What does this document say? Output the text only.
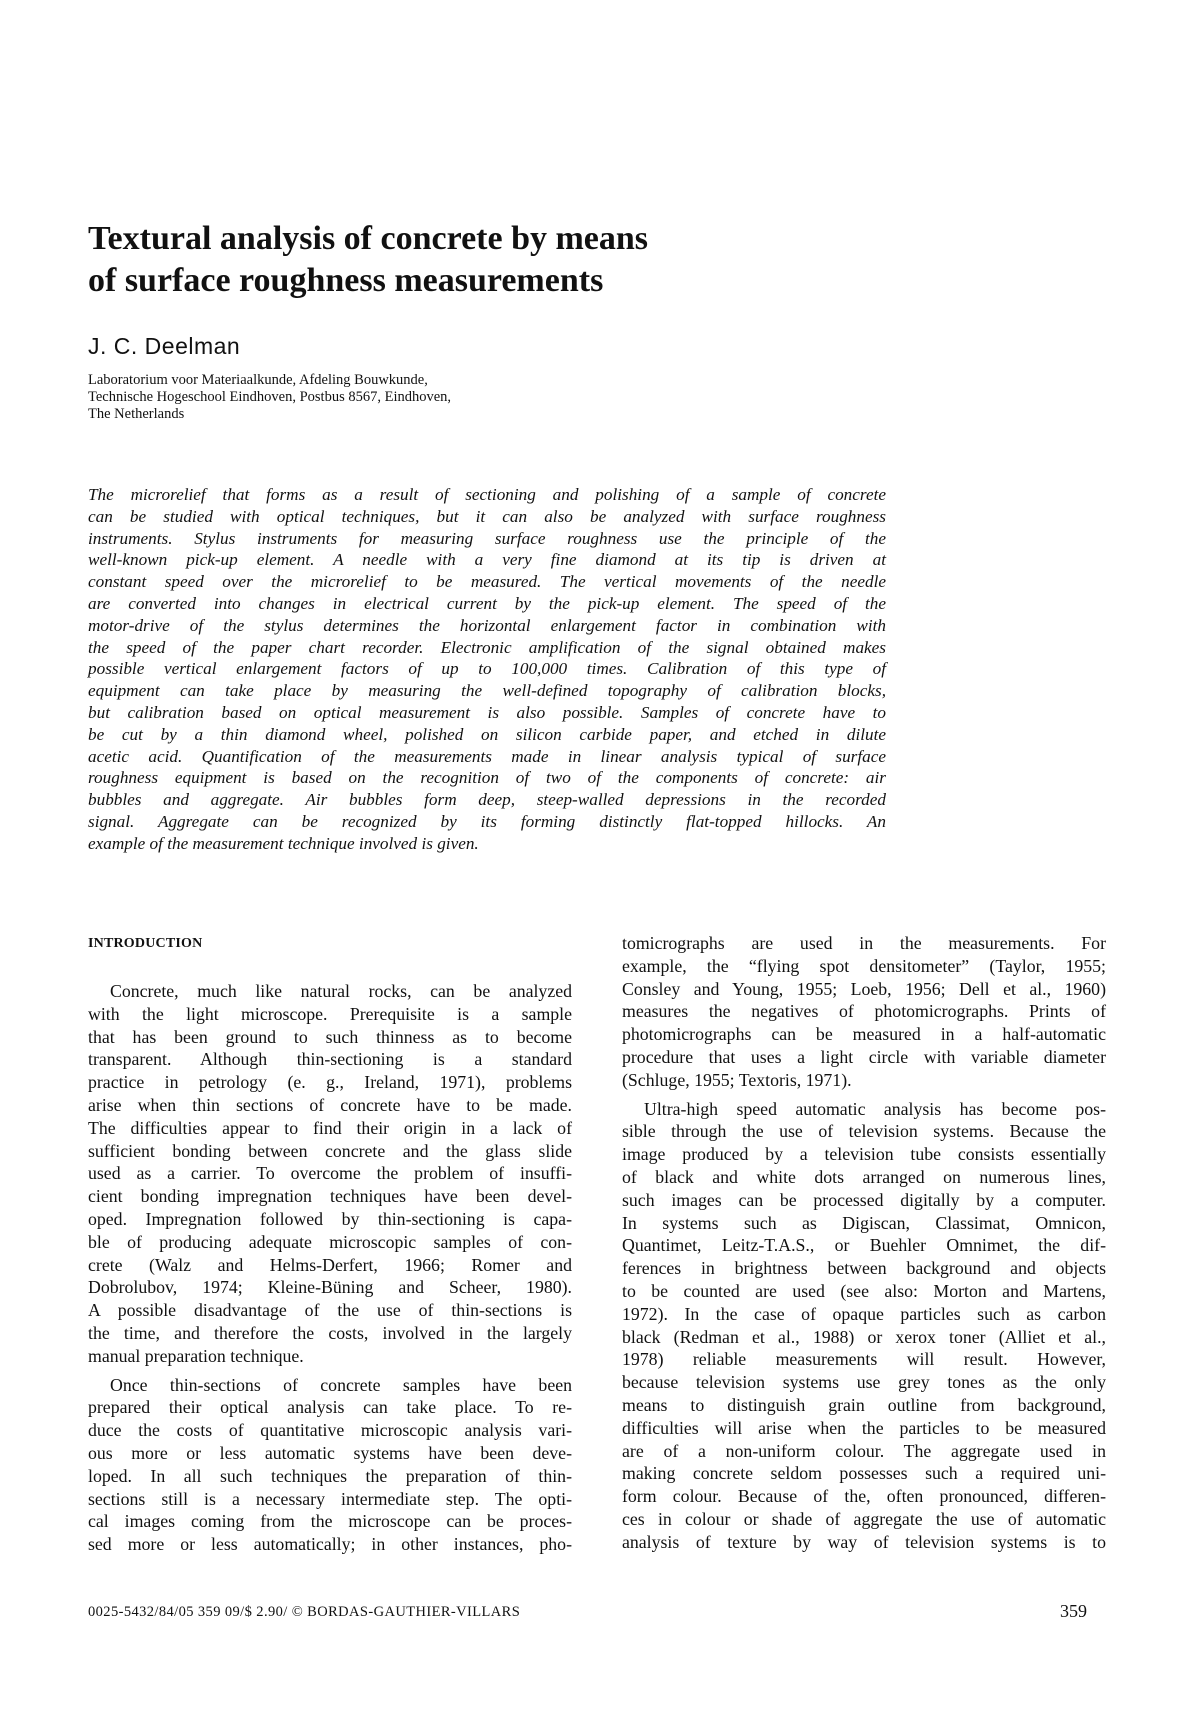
Textural analysis of concrete by means
of surface roughness measurements
J. C. Deelman
Laboratorium voor Materiaalkunde, Afdeling Bouwkunde,
Technische Hogeschool Eindhoven, Postbus 8567, Eindhoven,
The Netherlands
The microrelief that forms as a result of sectioning and polishing of a sample of concrete
can be studied with optical techniques, but it can also be analyzed with surface roughness
instruments. Stylus instruments for measuring surface roughness use the principle of the
well-known pick-up element. A needle with a very fine diamond at its tip is driven at
constant speed over the microrelief to be measured. The vertical movements of the needle
are converted into changes in electrical current by the pick-up element. The speed of the
motor-drive of the stylus determines the horizontal enlargement factor in combination with
the speed of the paper chart recorder. Electronic amplification of the signal obtained makes
possible vertical enlargement factors of up to 100,000 times. Calibration of this type of
equipment can take place by measuring the well-defined topography of calibration blocks,
but calibration based on optical measurement is also possible. Samples of concrete have to
be cut by a thin diamond wheel, polished on silicon carbide paper, and etched in dilute
acetic acid. Quantification of the measurements made in linear analysis typical of surface
roughness equipment is based on the recognition of two of the components of concrete: air
bubbles and aggregate. Air bubbles form deep, steep-walled depressions in the recorded
signal. Aggregate can be recognized by its forming distinctly flat-topped hillocks. An
example of the measurement technique involved is given.
INTRODUCTION
Concrete, much like natural rocks, can be analyzed
with the light microscope. Prerequisite is a sample
that has been ground to such thinness as to become
transparent. Although thin-sectioning is a standard
practice in petrology (e. g., Ireland, 1971), problems
arise when thin sections of concrete have to be made.
The difficulties appear to find their origin in a lack of
sufficient bonding between concrete and the glass slide
used as a carrier. To overcome the problem of insuffi-
cient bonding impregnation techniques have been devel-
oped. Impregnation followed by thin-sectioning is capa-
ble of producing adequate microscopic samples of con-
crete (Walz and Helms-Derfert, 1966; Romer and
Dobrolubov, 1974; Kleine-Büning and Scheer, 1980).
A possible disadvantage of the use of thin-sections is
the time, and therefore the costs, involved in the largely
manual preparation technique.
Once thin-sections of concrete samples have been
prepared their optical analysis can take place. To re-
duce the costs of quantitative microscopic analysis vari-
ous more or less automatic systems have been deve-
loped. In all such techniques the preparation of thin-
sections still is a necessary intermediate step. The opti-
cal images coming from the microscope can be proces-
sed more or less automatically; in other instances, pho-
tomicrographs are used in the measurements. For
example, the “flying spot densitometer” (Taylor, 1955;
Consley and Young, 1955; Loeb, 1956; Dell et al., 1960)
measures the negatives of photomicrographs. Prints of
photomicrographs can be measured in a half-automatic
procedure that uses a light circle with variable diameter
(Schluge, 1955; Textoris, 1971).
Ultra-high speed automatic analysis has become pos-
sible through the use of television systems. Because the
image produced by a television tube consists essentially
of black and white dots arranged on numerous lines,
such images can be processed digitally by a computer.
In systems such as Digiscan, Classimat, Omnicon,
Quantimet, Leitz-T.A.S., or Buehler Omnimet, the dif-
ferences in brightness between background and objects
to be counted are used (see also: Morton and Martens,
1972). In the case of opaque particles such as carbon
black (Redman et al., 1988) or xerox toner (Alliet et al.,
1978) reliable measurements will result. However,
because television systems use grey tones as the only
means to distinguish grain outline from background,
difficulties will arise when the particles to be measured
are of a non-uniform colour. The aggregate used in
making concrete seldom possesses such a required uni-
form colour. Because of the, often pronounced, differen-
ces in colour or shade of aggregate the use of automatic
analysis of texture by way of television systems is to
0025-5432/84/05 359 09/$ 2.90/ © BORDAS-GAUTHIER-VILLARS	359
